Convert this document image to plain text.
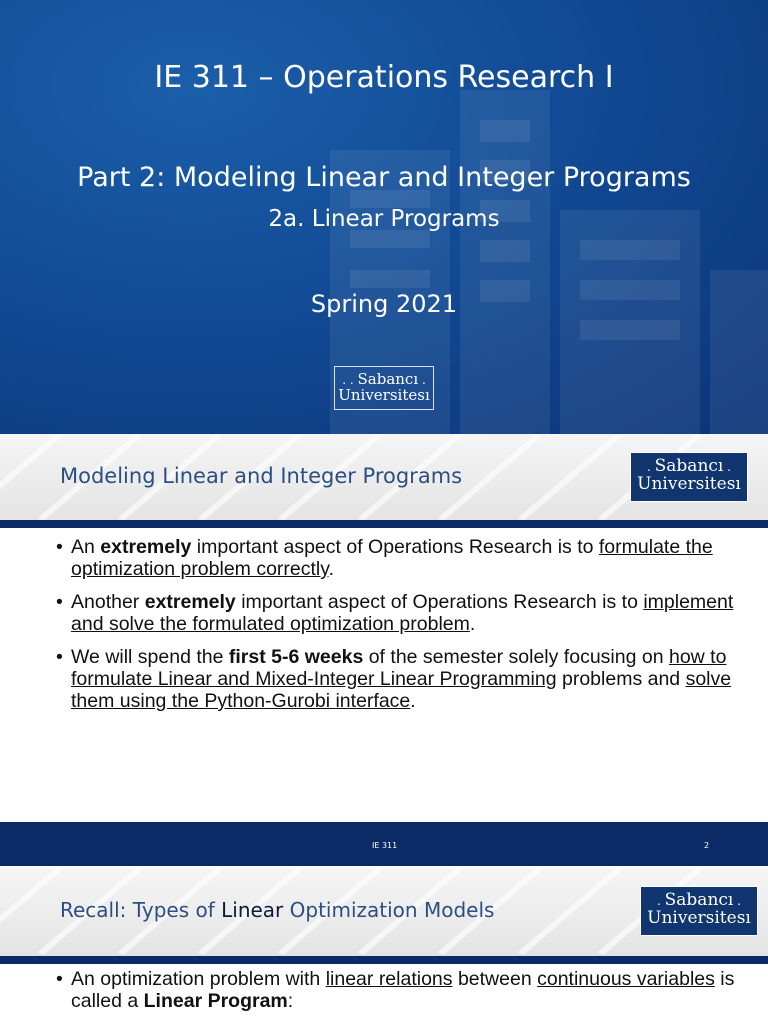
IE 311 – Operations Research I
Part 2: Modeling Linear and Integer Programs
2a. Linear Programs
Spring 2021
. . Sabancı .
Universitesı
Modeling Linear and Integer Programs	. Sabancı .
Universitesı
• An extremely important aspect of Operations Research is to formulate the optimization problem correctly.
• Another extremely important aspect of Operations Research is to implement and solve the formulated optimization problem.
• We will spend the first 5-6 weeks of the semester solely focusing on how to formulate Linear and Mixed-Integer Linear Programming problems and solve them using the Python-Gurobi interface.
IE 311	2
Recall: Types of Linear Optimization Models	. Sabancı .
Universitesı
• An optimization problem with linear relations between continuous variables is called a Linear Program:
